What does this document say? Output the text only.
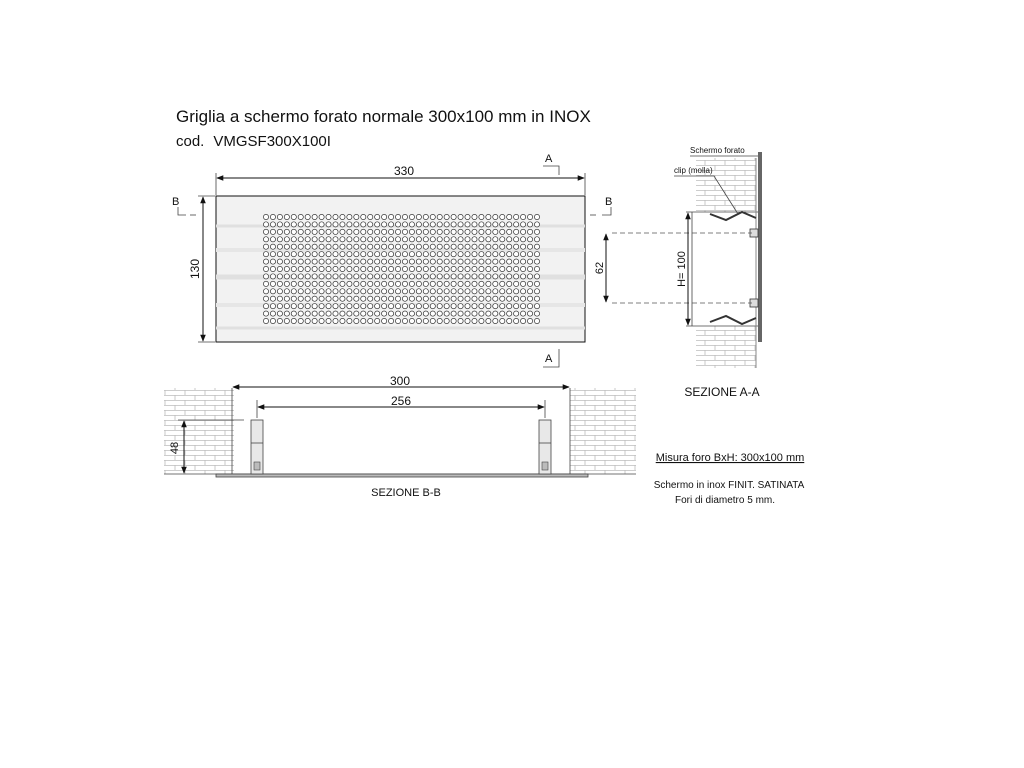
Griglia a schermo forato normale 300x100 mm in INOX
cod. VMGSF300X100I
330
130
A
A
B	B
62	H= 100
Schermo forato
clip (molla)
SEZIONE A-A
300
256
48
SEZIONE B-B
Misura foro BxH: 300x100 mm
Schermo in inox FINIT. SATINATA
Fori di diametro 5 mm.
